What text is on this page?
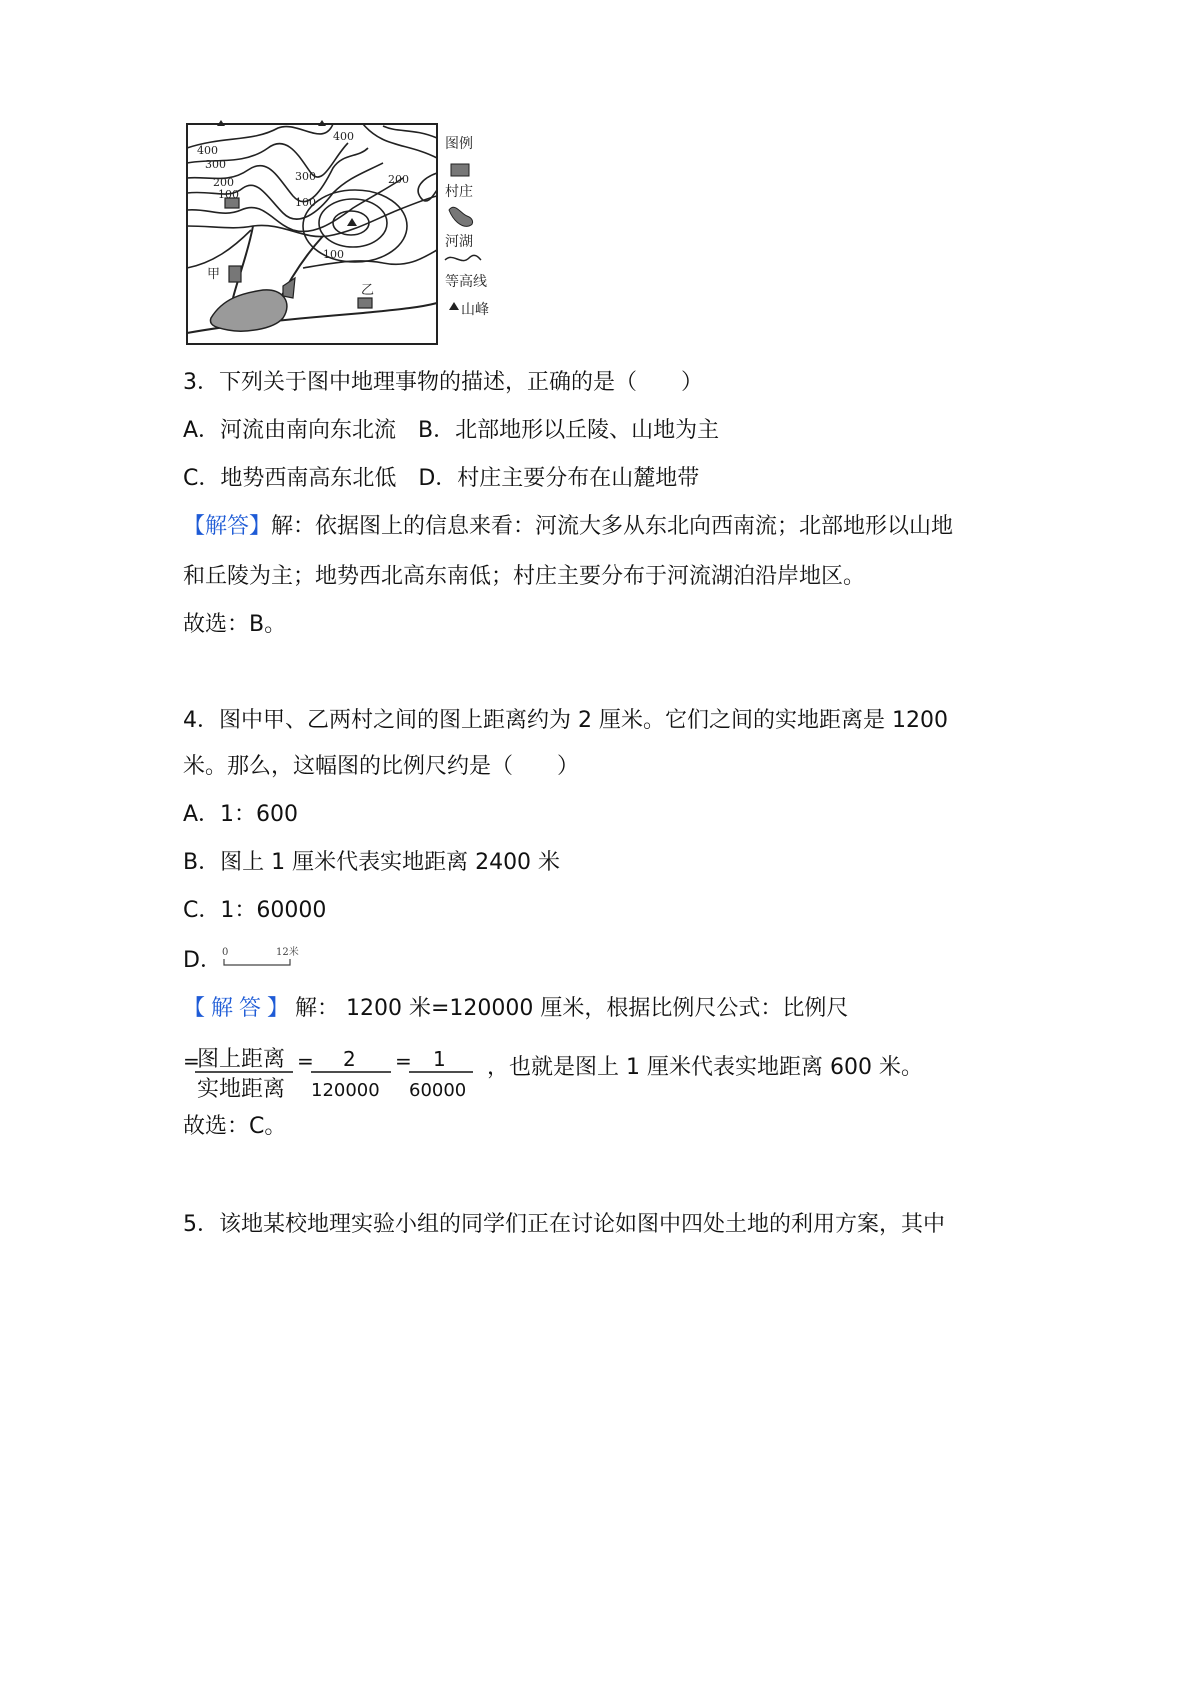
400
300
200
100
300
400
100
200
100
甲
乙
图例
村庄
河湖
等高线
山峰
3．下列关于图中地理事物的描述，正确的是（　　）
A．河流由南向东北流　B．北部地形以丘陵、山地为主
C．地势西南高东北低　D．村庄主要分布在山麓地带
【解答】解：依据图上的信息来看：河流大多从东北向西南流；北部地形以山地
和丘陵为主；地势西北高东南低；村庄主要分布于河流湖泊沿岸地区。
故选：B。
4．图中甲、乙两村之间的图上距离约为 2 厘米。它们之间的实地距离是 1200
米。那么，这幅图的比例尺约是（　　）
A．1：600
B．图上 1 厘米代表实地距离 2400 米
C．1：60000
D． 0	12米
【解答】解： 1200 米=120000 厘米，根据比例尺公式：比例尺
=
图上距离
实地距离
= 2
120000
= 1
60000
，也就是图上 1 厘米代表实地距离 600 米。
故选：C。
5．该地某校地理实验小组的同学们正在讨论如图中四处土地的利用方案，其中
